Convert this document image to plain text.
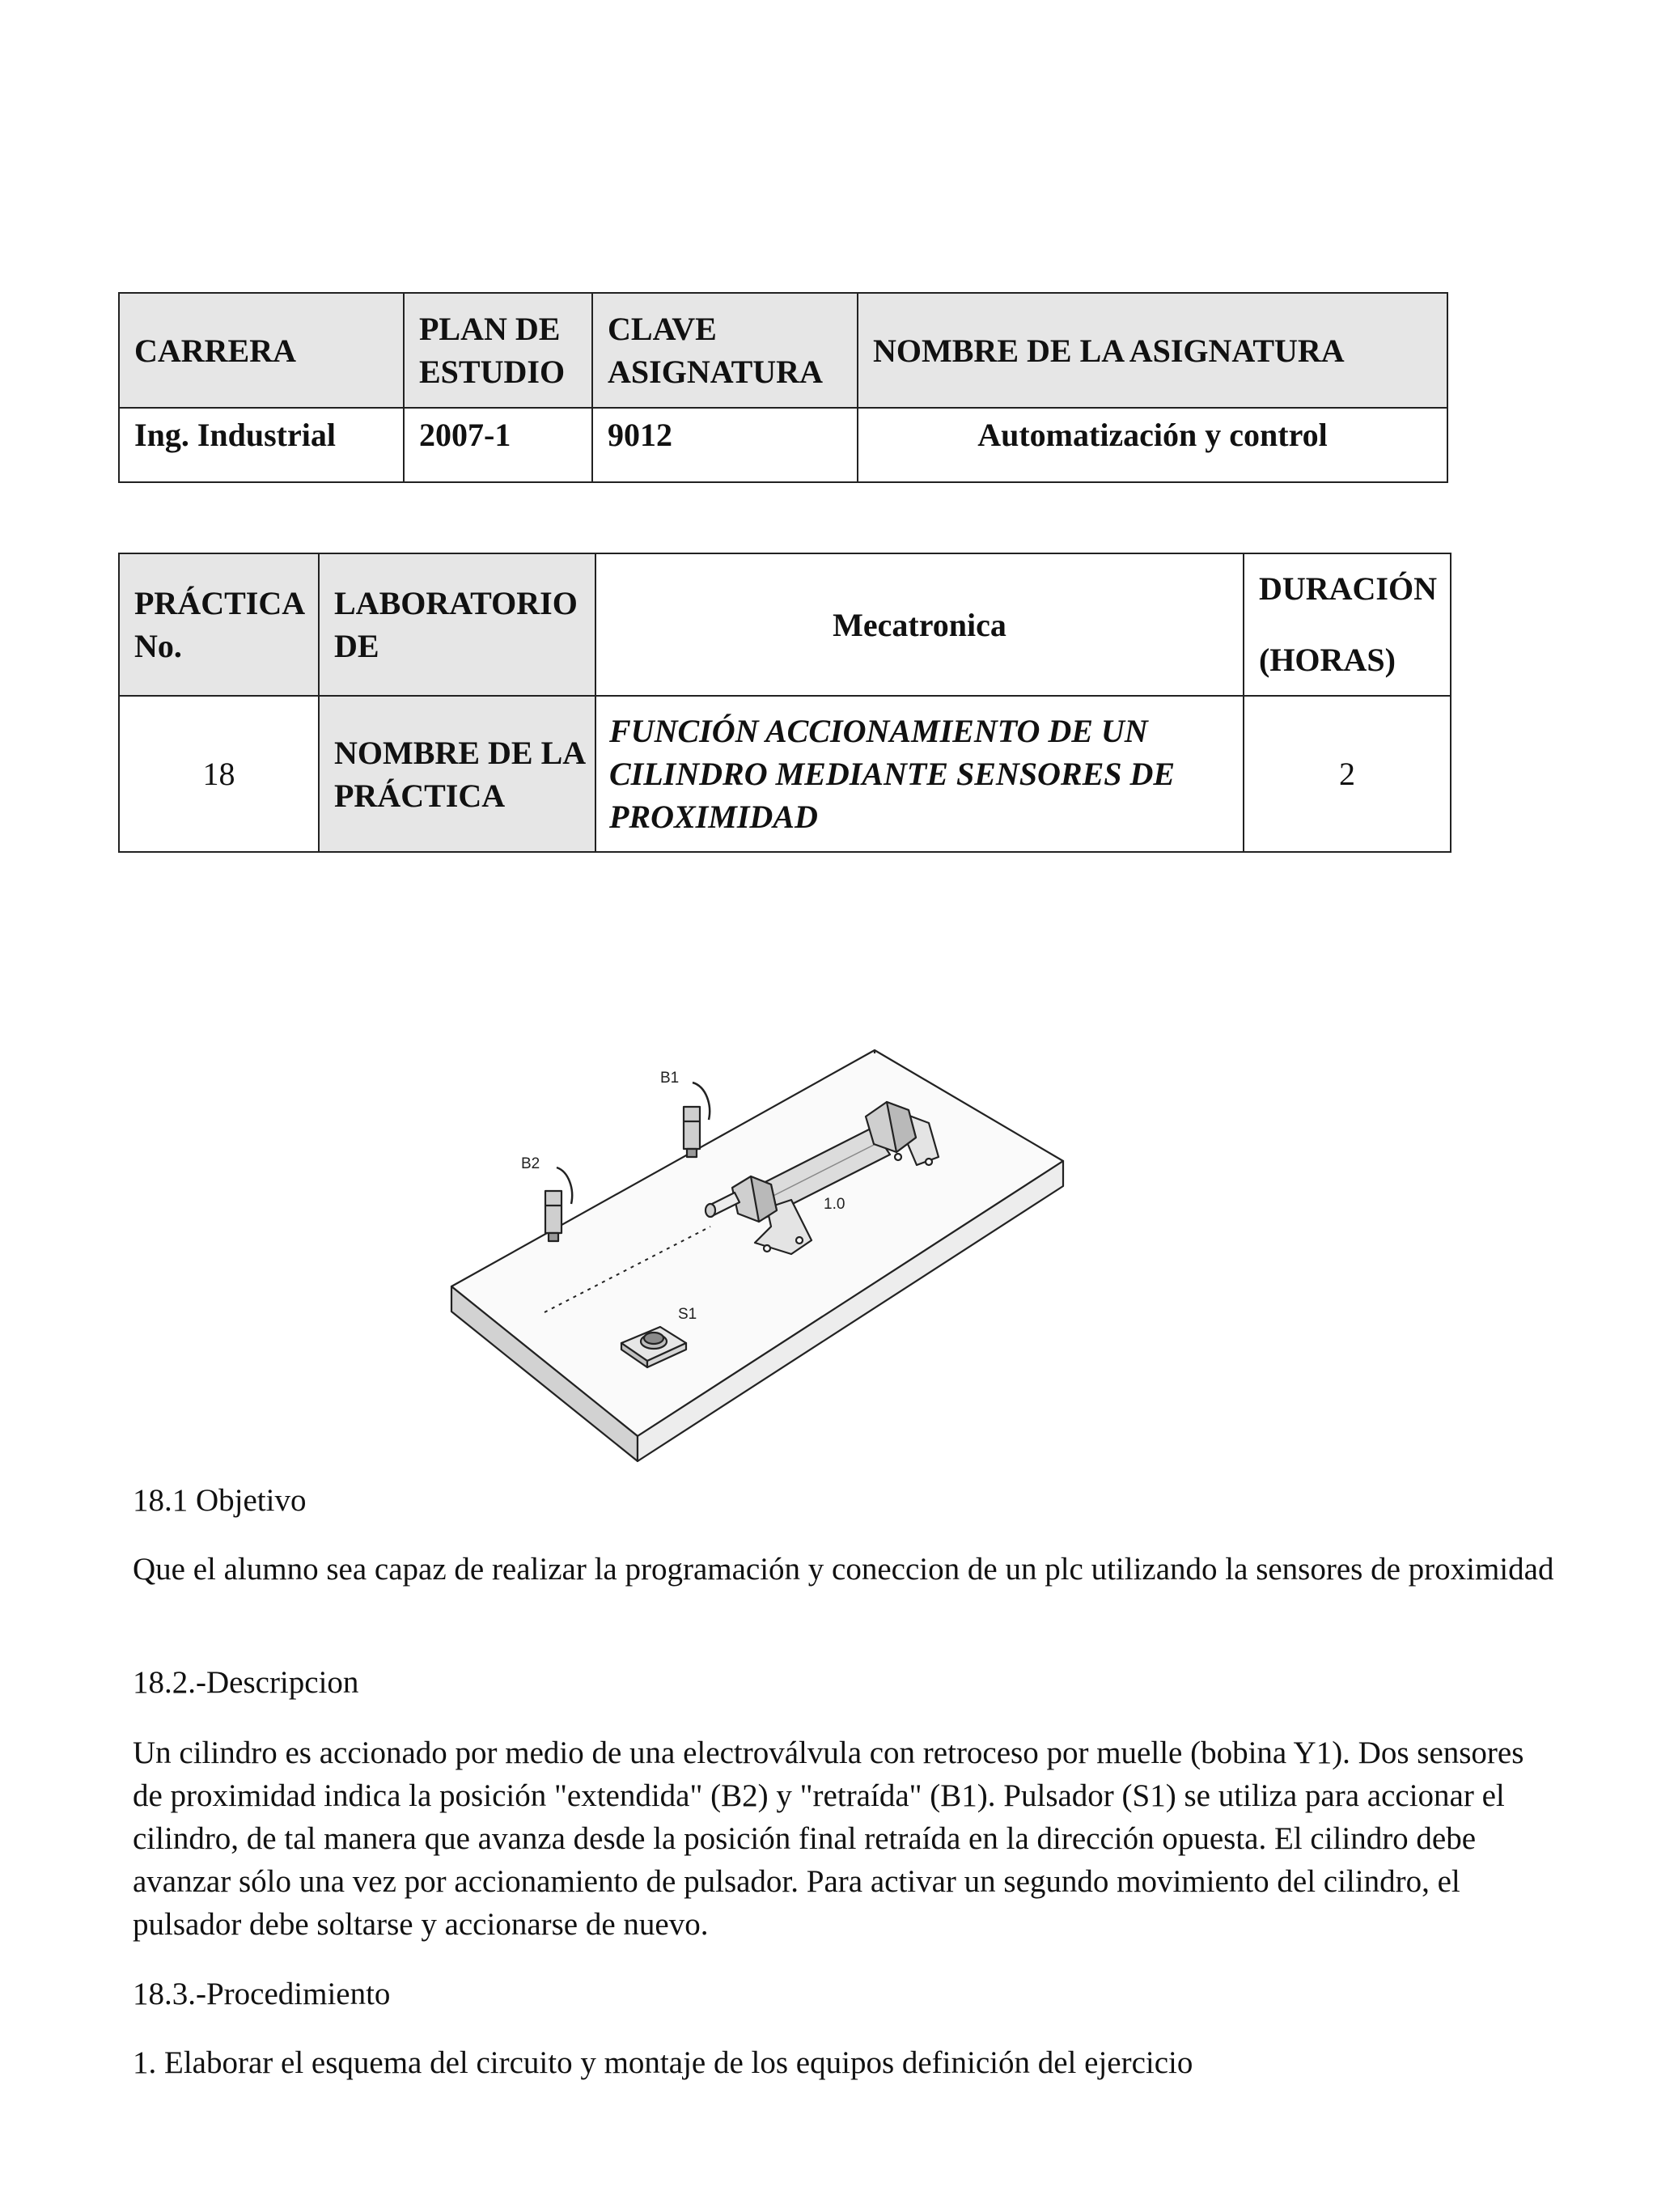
CARRERA	PLAN DE ESTUDIO	CLAVE ASIGNATURA	NOMBRE DE LA ASIGNATURA
Ing. Industrial	2007-1	9012	Automatización y control
PRÁCTICA No.	LABORATORIO DE	Mecatronica	DURACIÓN
(HORAS)

18	NOMBRE DE LA PRÁCTICA	FUNCIÓN ACCIONAMIENTO DE UN CILINDRO MEDIANTE SENSORES DE PROXIMIDAD	2
B1
B2
1.0
S1

18.1 Objetivo

Que el alumno sea capaz de realizar la programación y coneccion de un plc utilizando la sensores de proximidad

18.2.-Descripcion

Un cilindro es accionado por medio de una electroválvula con retroceso por muelle (bobina Y1). Dos sensores de proximidad indica la posición "extendida" (B2) y "retraída" (B1). Pulsador (S1) se utiliza para accionar el cilindro, de tal manera que avanza desde la posición final retraída en la dirección opuesta. El cilindro debe avanzar sólo una vez por accionamiento de pulsador. Para activar un segundo movimiento del cilindro, el pulsador debe soltarse y accionarse de nuevo.

18.3.-Procedimiento

1. Elaborar el esquema del circuito y montaje de los equipos definición del ejercicio
